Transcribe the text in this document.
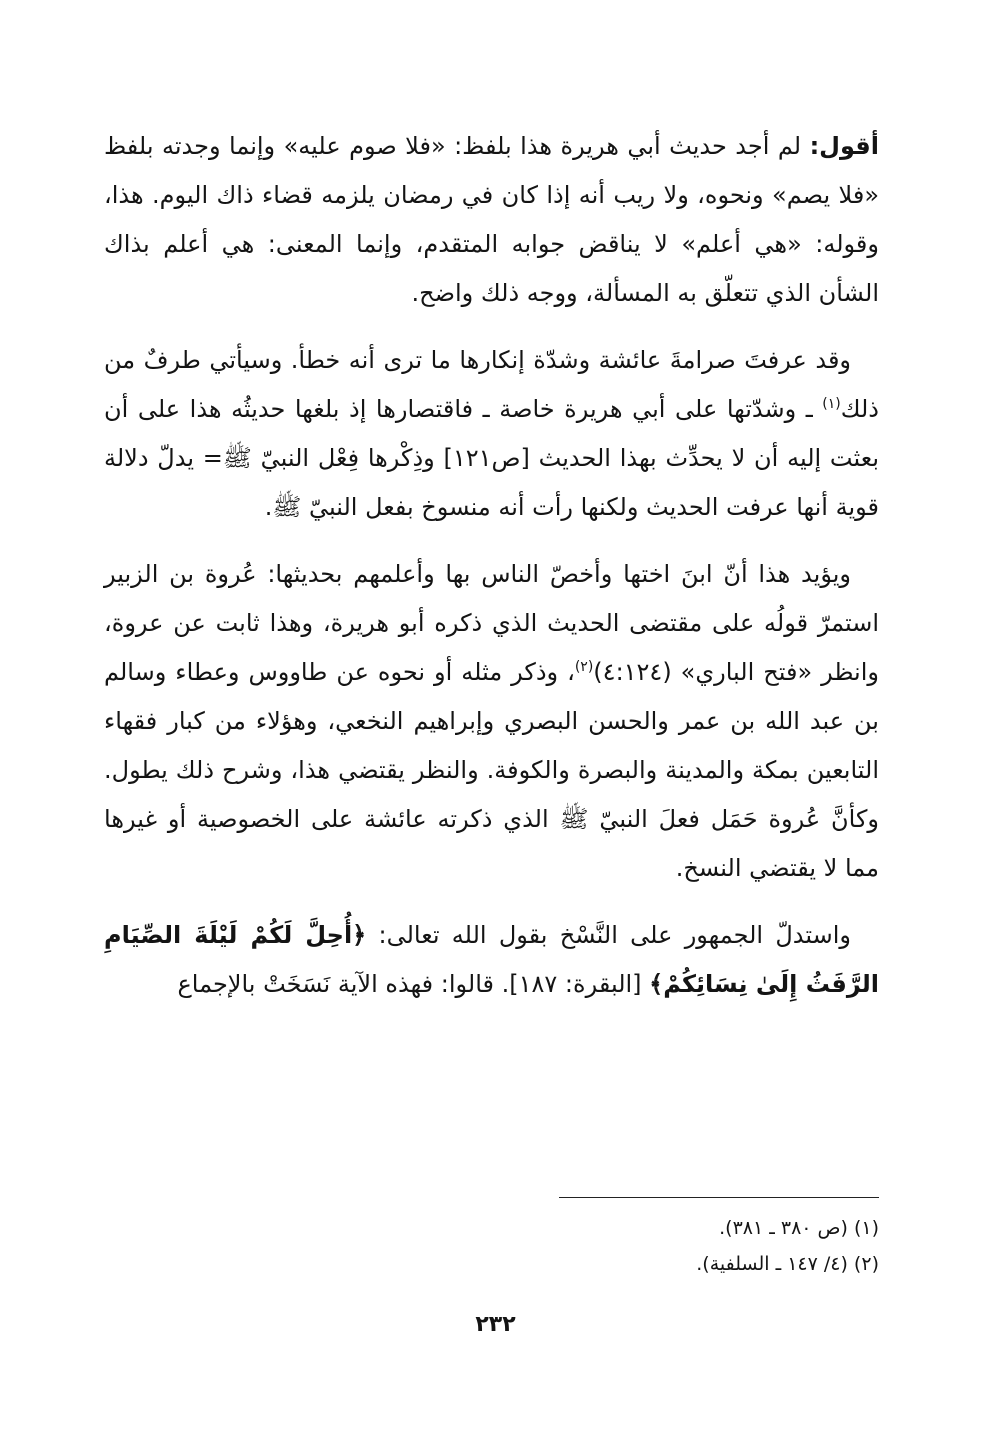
أقول: لم أجد حديث أبي هريرة هذا بلفظ: «فلا صوم عليه» وإنما وجدته بلفظ «فلا يصم» ونحوه، ولا ريب أنه إذا كان في رمضان يلزمه قضاء ذاك اليوم. هذا، وقوله: «هي أعلم» لا يناقض جوابه المتقدم، وإنما المعنى: هي أعلم بذاك الشأن الذي تتعلّق به المسألة، ووجه ذلك واضح.

وقد عرفتَ صرامةَ عائشة وشدّة إنكارها ما ترى أنه خطأ. وسيأتي طرفٌ من ذلك$^{(١)}$ ـ وشدّتها على أبي هريرة خاصة ـ فاقتصارها إذ بلغها حديثُه هذا على أن بعثت إليه أن لا يحدِّث بهذا الحديث [ص١٢١] وذِكْرها فِعْل النبيّ ﷺ= يدلّ دلالة قوية أنها عرفت الحديث ولكنها رأت أنه منسوخ بفعل النبيّ ﷺ.

ويؤيد هذا أنّ ابنَ اختها وأخصّ الناس بها وأعلمهم بحديثها: عُروة بن الزبير استمرّ قولُه على مقتضى الحديث الذي ذكره أبو هريرة، وهذا ثابت عن عروة، وانظر «فتح الباري» (٤:١٢٤)$^{(٢)}$، وذكر مثله أو نحوه عن طاووس وعطاء وسالم بن عبد الله بن عمر والحسن البصري وإبراهيم النخعي، وهؤلاء من كبار فقهاء التابعين بمكة والمدينة والبصرة والكوفة. والنظر يقتضي هذا، وشرح ذلك يطول. وكأنَّ عُروة حَمَل فعلَ النبيّ ﷺ الذي ذكرته عائشة على الخصوصية أو غيرها مما لا يقتضي النسخ.

واستدلّ الجمهور على النَّسْخ بقول الله تعالى: ﴿أُحِلَّ لَكُمْ لَيْلَةَ الصِّيَامِ الرَّفَثُ إِلَىٰ نِسَائِكُمْ﴾ [البقرة: ١٨٧]. قالوا: فهذه الآية نَسَخَتْ بالإجماع

(١) (ص ٣٨٠ ـ ٣٨١).

(٢) (٤/ ١٤٧ ـ السلفية).

٢٣٢
